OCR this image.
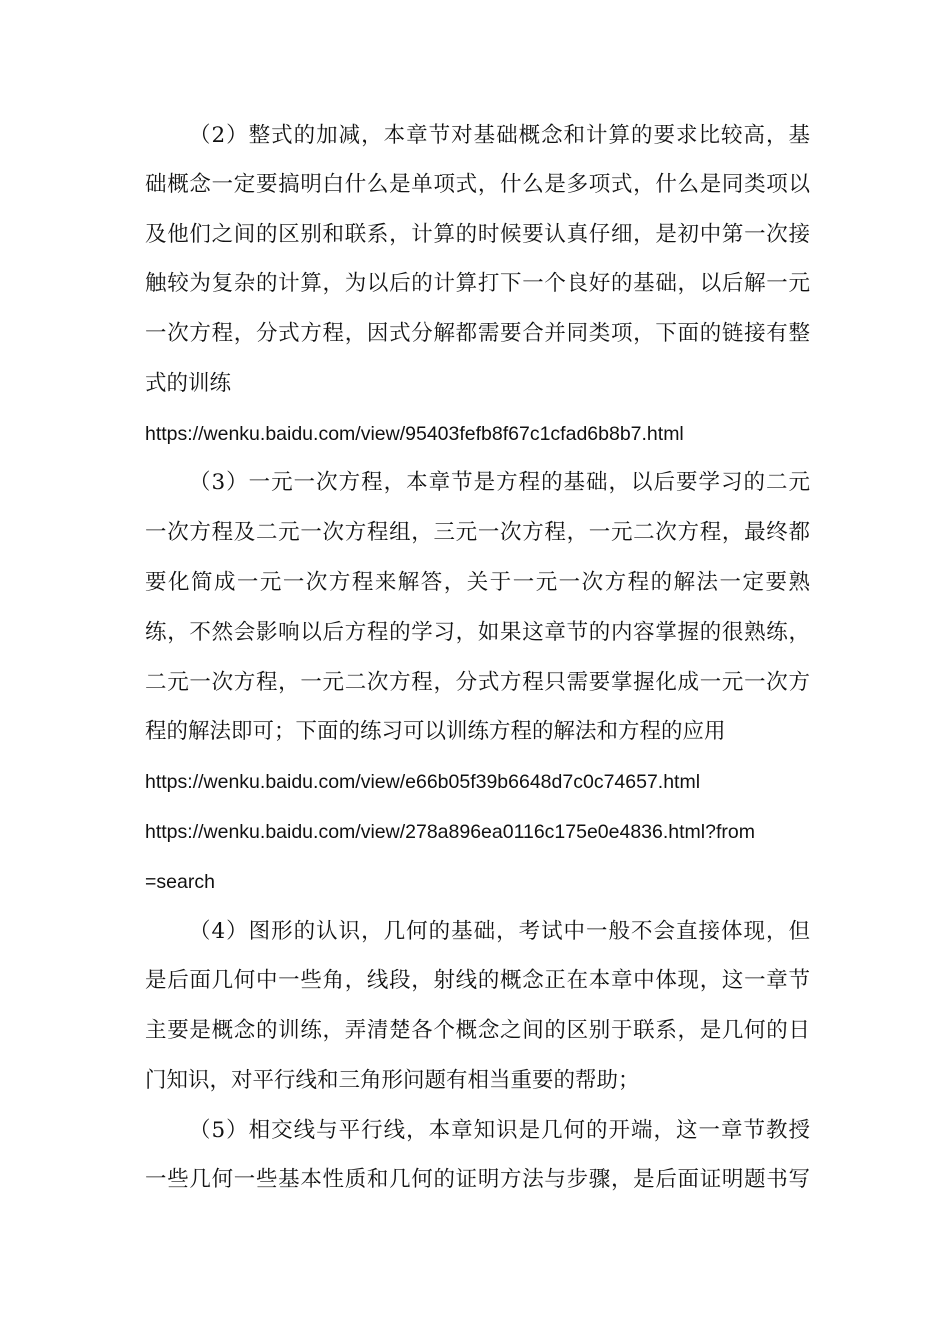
（2）整式的加减，本章节对基础概念和计算的要求比较高，基
础概念一定要搞明白什么是单项式，什么是多项式，什么是同类项以
及他们之间的区别和联系，计算的时候要认真仔细，是初中第一次接
触较为复杂的计算，为以后的计算打下一个良好的基础，以后解一元
一次方程，分式方程，因式分解都需要合并同类项，下面的链接有整
式的训练
https://wenku.baidu.com/view/95403fefb8f67c1cfad6b8b7.html
（3）一元一次方程，本章节是方程的基础，以后要学习的二元
一次方程及二元一次方程组，三元一次方程，一元二次方程，最终都
要化简成一元一次方程来解答，关于一元一次方程的解法一定要熟
练，不然会影响以后方程的学习，如果这章节的内容掌握的很熟练，
二元一次方程，一元二次方程，分式方程只需要掌握化成一元一次方
程的解法即可；下面的练习可以训练方程的解法和方程的应用
https://wenku.baidu.com/view/e66b05f39b6648d7c0c74657.html
https://wenku.baidu.com/view/278a896ea0116c175e0e4836.html?from
=search
（4）图形的认识，几何的基础，考试中一般不会直接体现，但
是后面几何中一些角，线段，射线的概念正在本章中体现，这一章节
主要是概念的训练，弄清楚各个概念之间的区别于联系，是几何的日
门知识，对平行线和三角形问题有相当重要的帮助；
（5）相交线与平行线，本章知识是几何的开端，这一章节教授
一些几何一些基本性质和几何的证明方法与步骤，是后面证明题书写
